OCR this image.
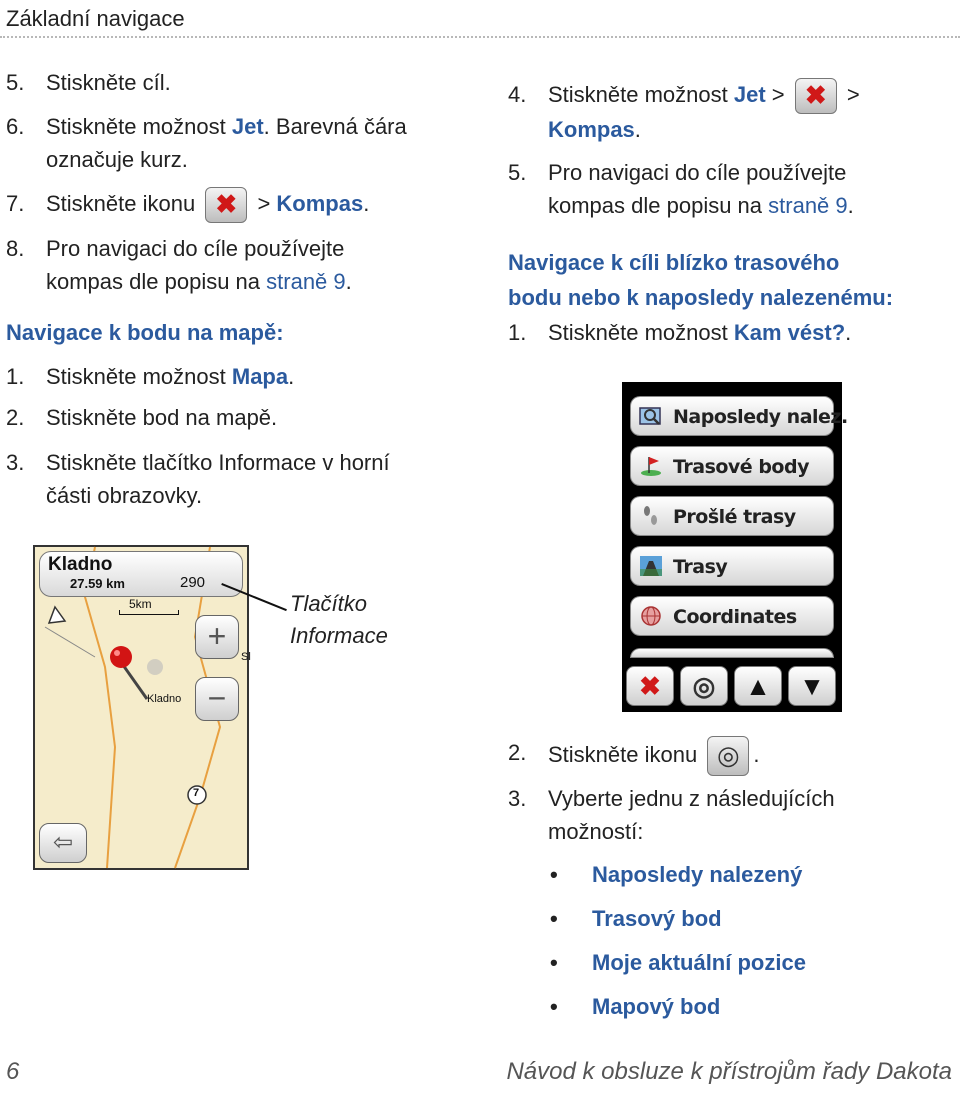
Základní navigace
5. Stiskněte cíl.
6. Stiskněte možnost Jet. Barevná čára
označuje kurz.
7. Stiskněte ikonu ✖ > Kompas.
8. Pro navigaci do cíle používejte
kompas dle popisu na straně 9.
Navigace k bodu na mapě:
1. Stiskněte možnost Mapa.
2. Stiskněte bod na mapě.
3. Stiskněte tlačítko Informace v horní
části obrazovky.
Kladno
27.59 km	290
5km
+
−
Sl
Kladno
7
⇦
Tlačítko
Informace
4. Stiskněte možnost Jet > ✖ >
Kompas.
5. Pro navigaci do cíle používejte
kompas dle popisu na straně 9.
Navigace k cíli blízko trasového
bodu nebo k naposledy nalezenému:
1. Stiskněte možnost Kam vést?.
Naposledy nalez.
Trasové body
Prošlé trasy
Trasy
Coordinates
✖	◎	▲	▼
2. Stiskněte ikonu ◎ .
3. Vyberte jednu z následujících
možností:
• Naposledy nalezený
• Trasový bod
• Moje aktuální pozice
• Mapový bod
6	Návod k obsluze k přístrojům řady Dakota
